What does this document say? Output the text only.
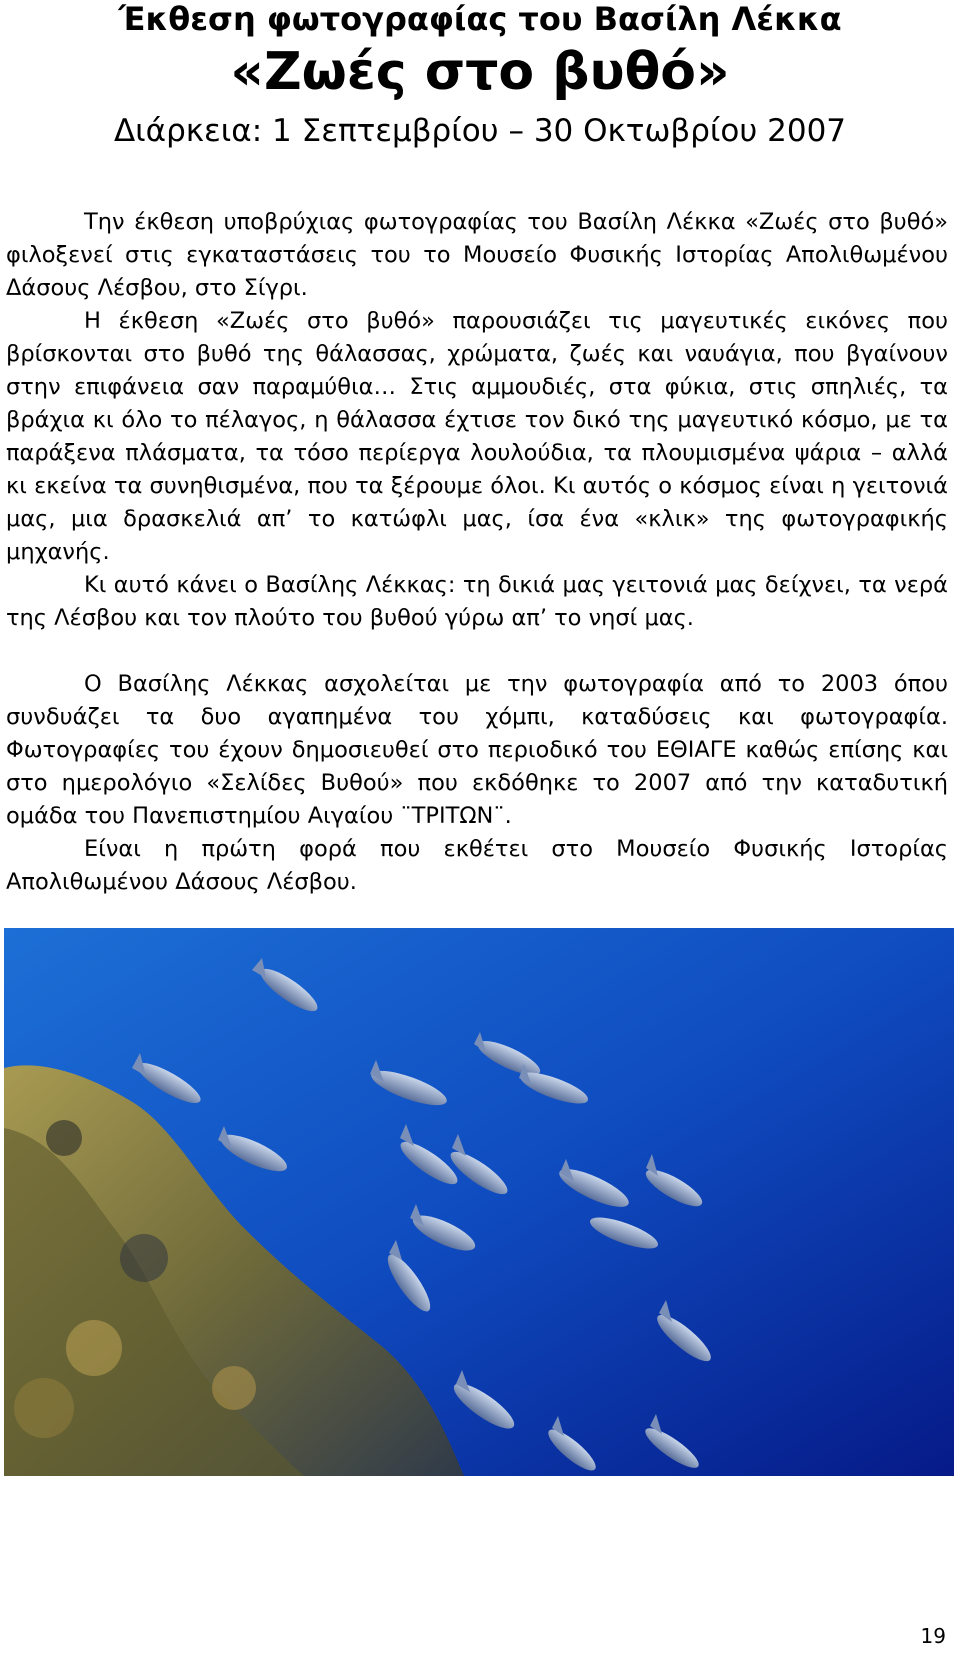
Έκθεση φωτογραφίας του Βασίλη Λέκκα
«Ζωές στο βυθό»
Διάρκεια: 1 Σεπτεμβρίου – 30 Οκτωβρίου 2007

Την έκθεση υποβρύχιας φωτογραφίας του Βασίλη Λέκκα «Ζωές στο βυθό» φιλοξενεί στις εγκαταστάσεις του το Μουσείο Φυσικής Ιστορίας Απολιθωμένου Δάσους Λέσβου, στο Σίγρι.

Η έκθεση «Ζωές στο βυθό» παρουσιάζει τις μαγευτικές εικόνες που βρίσκονται στο βυθό της θάλασσας, χρώματα, ζωές και ναυάγια, που βγαίνουν στην επιφάνεια σαν παραμύθια… Στις αμμουδιές, στα φύκια, στις σπηλιές, τα βράχια κι όλο το πέλαγος, η θάλασσα έχτισε τον δικό της μαγευτικό κόσμο, με τα παράξενα πλάσματα, τα τόσο περίεργα λουλούδια, τα πλουμισμένα ψάρια – αλλά κι εκείνα τα συνηθισμένα, που τα ξέρουμε όλοι. Κι αυτός ο κόσμος είναι η γειτονιά μας, μια δρασκελιά απ’ το κατώφλι μας, ίσα ένα «κλικ» της φωτογραφικής μηχανής.

Κι αυτό κάνει ο Βασίλης Λέκκας: τη δικιά μας γειτονιά μας δείχνει, τα νερά της Λέσβου και τον πλούτο του βυθού γύρω απ’ το νησί μας.

Ο Βασίλης Λέκκας ασχολείται με την φωτογραφία από το 2003 όπου συνδυάζει τα δυο αγαπημένα του χόμπι, καταδύσεις και φωτογραφία. Φωτογραφίες του έχουν δημοσιευθεί στο περιοδικό του ΕΘΙΑΓΕ καθώς επίσης και στο ημερολόγιο «Σελίδες Βυθού» που εκδόθηκε το 2007 από την καταδυτική ομάδα του Πανεπιστημίου Αιγαίου ¨ΤΡΙΤΩΝ¨.

Είναι η πρώτη φορά που εκθέτει στο Μουσείο Φυσικής Ιστορίας Απολιθωμένου Δάσους Λέσβου.

19
